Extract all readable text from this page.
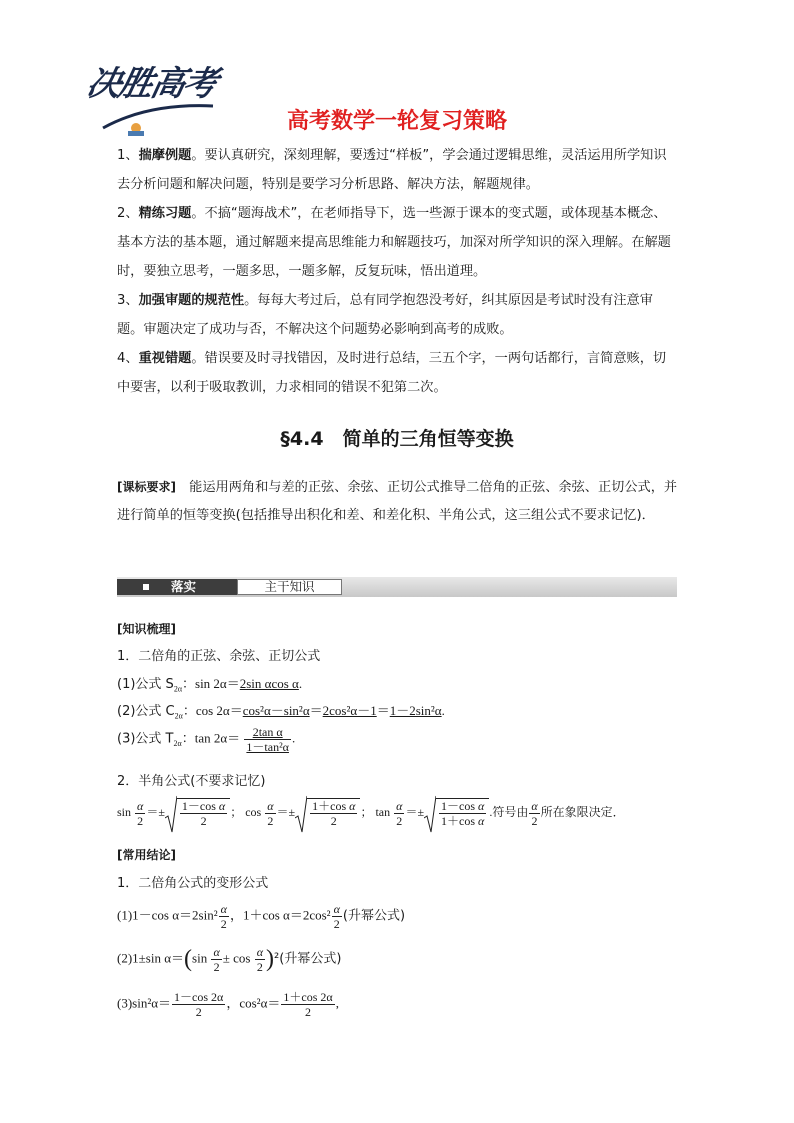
决胜高考
高考数学一轮复习策略
1、揣摩例题。要认真研究，深刻理解，要透过“样板”，学会通过逻辑思维，灵活运用所学知识去分析问题和解决问题，特别是要学习分析思路、解决方法，解题规律。
2、精练习题。不搞“题海战术”，在老师指导下，选一些源于课本的变式题，或体现基本概念、基本方法的基本题，通过解题来提高思维能力和解题技巧，加深对所学知识的深入理解。在解题时，要独立思考，一题多思，一题多解，反复玩味，悟出道理。
3、加强审题的规范性。每每大考过后，总有同学抱怨没考好，纠其原因是考试时没有注意审题。审题决定了成功与否，不解决这个问题势必影响到高考的成败。
4、重视错题。错误要及时寻找错因，及时进行总结，三五个字，一两句话都行，言简意赅，切中要害，以利于吸取教训，力求相同的错误不犯第二次。
§4.4　简单的三角恒等变换
[课标要求]　能运用两角和与差的正弦、余弦、正切公式推导二倍角的正弦、余弦、正切公式，并进行简单的恒等变换(包括推导出积化和差、和差化积、半角公式，这三组公式不要求记忆)．
落实	主干知识
[知识梳理]
1．二倍角的正弦、余弦、正切公式
(1)公式 $S_{2\alpha}$：sin 2α＝2sin αcos α.
(2)公式 $C_{2\alpha}$：cos 2α＝cos²α－sin²α＝2cos²α－1＝1－2sin²α.
(3)公式 $T_{2\alpha}$：$\tan 2\alpha= \frac{\text{2tan α}}{\text{1－tan²α}}$ .
2．半角公式(不要求记忆)
$\sin \frac{\alpha}{2} =\pm \frac{\text{1－cos α}}{2}$ ； $\cos \frac{\alpha}{2} =\pm \frac{\text{1＋cos α}}{2}$ ； $\tan \frac{\alpha}{2} =\pm \frac{\text{1－cos α}}{\text{1＋cos α}}$ .符号由 $\frac{\alpha}{2}$ 所在象限决定．
[常用结论]
1．二倍角公式的变形公式
(1)1－cos $\alpha=2\sin^2 \frac{\alpha}{2}$ ，1＋cos $\alpha=2\cos^2 \frac{\alpha}{2}$ (升幂公式)
(2)1±sin $\alpha=(\sin \frac{\alpha}{2} \pm \cos \frac{\alpha}{2} )^2$(升幂公式)
$(3)\sin^2\alpha= \frac{1-\cos 2\alpha}{2}$ ，$\cos^2\alpha= \frac{1+\cos 2\alpha}{2}$ ,
